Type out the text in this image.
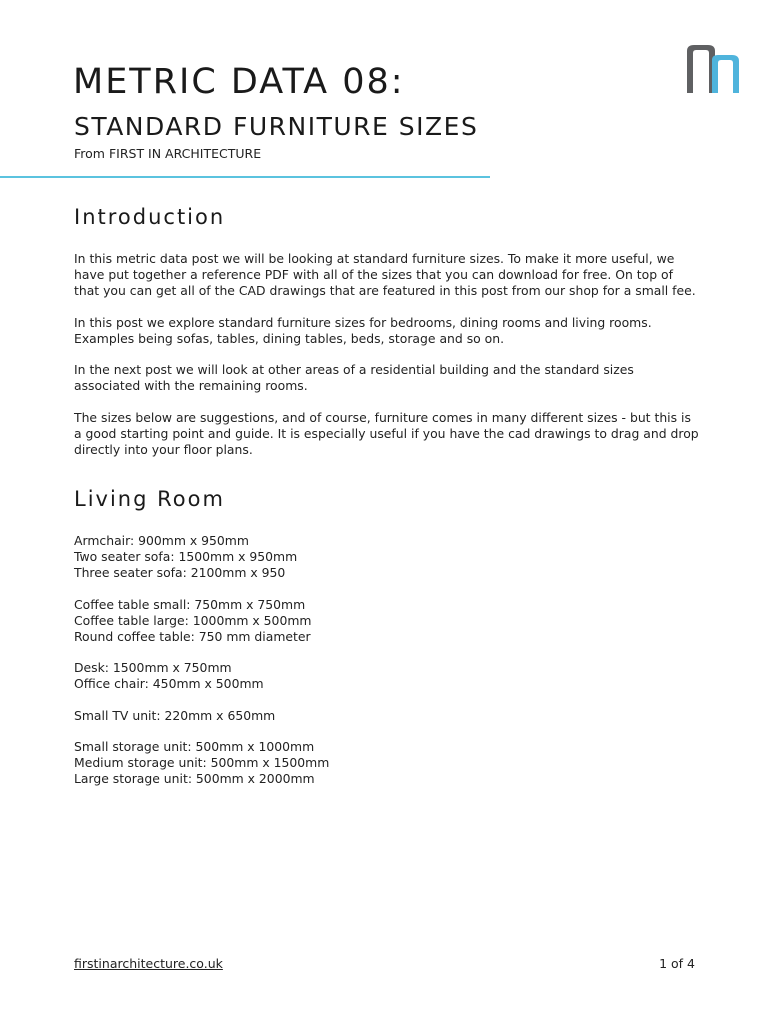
METRIC DATA 08:
STANDARD FURNITURE SIZES
From FIRST IN ARCHITECTURE
Introduction

In this metric data post we will be looking at standard furniture sizes. To make it more useful, we have put together a reference PDF with all of the sizes that you can download for free. On top of that you can get all of the CAD drawings that are featured in this post from our shop for a small fee.

In this post we explore standard furniture sizes for bedrooms, dining rooms and living rooms. Examples being sofas, tables, dining tables, beds, storage and so on.

In the next post we will look at other areas of a residential building and the standard sizes associated with the remaining rooms.

The sizes below are suggestions, and of course, furniture comes in many different sizes - but this is a good starting point and guide. It is especially useful if you have the cad drawings to drag and drop directly into your floor plans.

Living Room
Armchair: 900mm x 950mm
Two seater sofa: 1500mm x 950mm
Three seater sofa: 2100mm x 950
Coffee table small: 750mm x 750mm
Coffee table large: 1000mm x 500mm
Round coffee table: 750 mm diameter
Desk: 1500mm x 750mm
Office chair: 450mm x 500mm
Small TV unit: 220mm x 650mm
Small storage unit: 500mm x 1000mm
Medium storage unit: 500mm x 1500mm
Large storage unit: 500mm x 2000mm
firstinarchitecture.co.uk	1 of 4
